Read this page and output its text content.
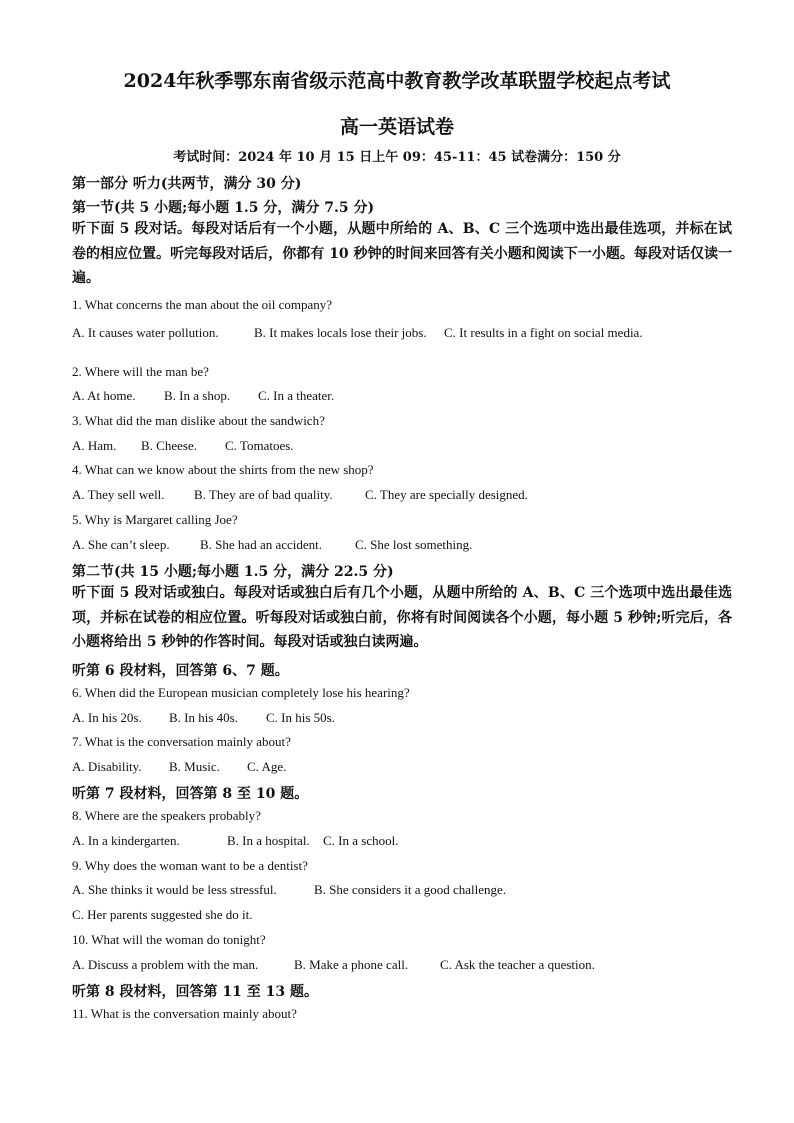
2024年秋季鄂东南省级示范高中教育教学改革联盟学校起点考试
高一英语试卷
考试时间：2024 年 10 月 15 日上午 09：45-11：45 试卷满分：150 分
第一部分 听力(共两节，满分 30 分)
第一节(共 5 小题;每小题 1.5 分，满分 7.5 分)
听下面 5 段对话。每段对话后有一个小题，从题中所给的 A、B、C 三个选项中选出最佳选项，并标在试卷的相应位置。听完每段对话后，你都有 10 秒钟的时间来回答有关小题和阅读下一小题。每段对话仅读一遍。
1. What concerns the man about the oil company?
A. It causes water pollution.	B. It makes locals lose their jobs. C. It results in a fight on social media.
2. Where will the man be?
A. At home. B. In a shop. C. In a theater.
3. What did the man dislike about the sandwich?
A. Ham. B. Cheese. C. Tomatoes.
4. What can we know about the shirts from the new shop?
A. They sell well. B. They are of bad quality. C. They are specially designed.
5. Why is Margaret calling Joe?
A. She can’t sleep. B. She had an accident.	C. She lost something.
第二节(共 15 小题;每小题 1.5 分，满分 22.5 分)
听下面 5 段对话或独白。每段对话或独白后有几个小题，从题中所给的 A、B、C 三个选项中选出最佳选项，并标在试卷的相应位置。听每段对话或独白前，你将有时间阅读各个小题，每小题 5 秒钟;听完后，各小题将给出 5 秒钟的作答时间。每段对话或独白读两遍。
听第 6 段材料，回答第 6、7 题。
6. When did the European musician completely lose his hearing?
A. In his 20s. B. In his 40s. C. In his 50s.
7. What is the conversation mainly about?
A. Disability. B. Music. C. Age.
听第 7 段材料，回答第 8 至 10 题。
8. Where are the speakers probably?
A. In a kindergarten.	B. In a hospital. C. In a school.
9. Why does the woman want to be a dentist?
A. She thinks it would be less stressful.	B. She considers it a good challenge.
C. Her parents suggested she do it.
10. What will the woman do tonight?
A. Discuss a problem with the man.	B. Make a phone call. C. Ask the teacher a question.
听第 8 段材料，回答第 11 至 13 题。
11. What is the conversation mainly about?
